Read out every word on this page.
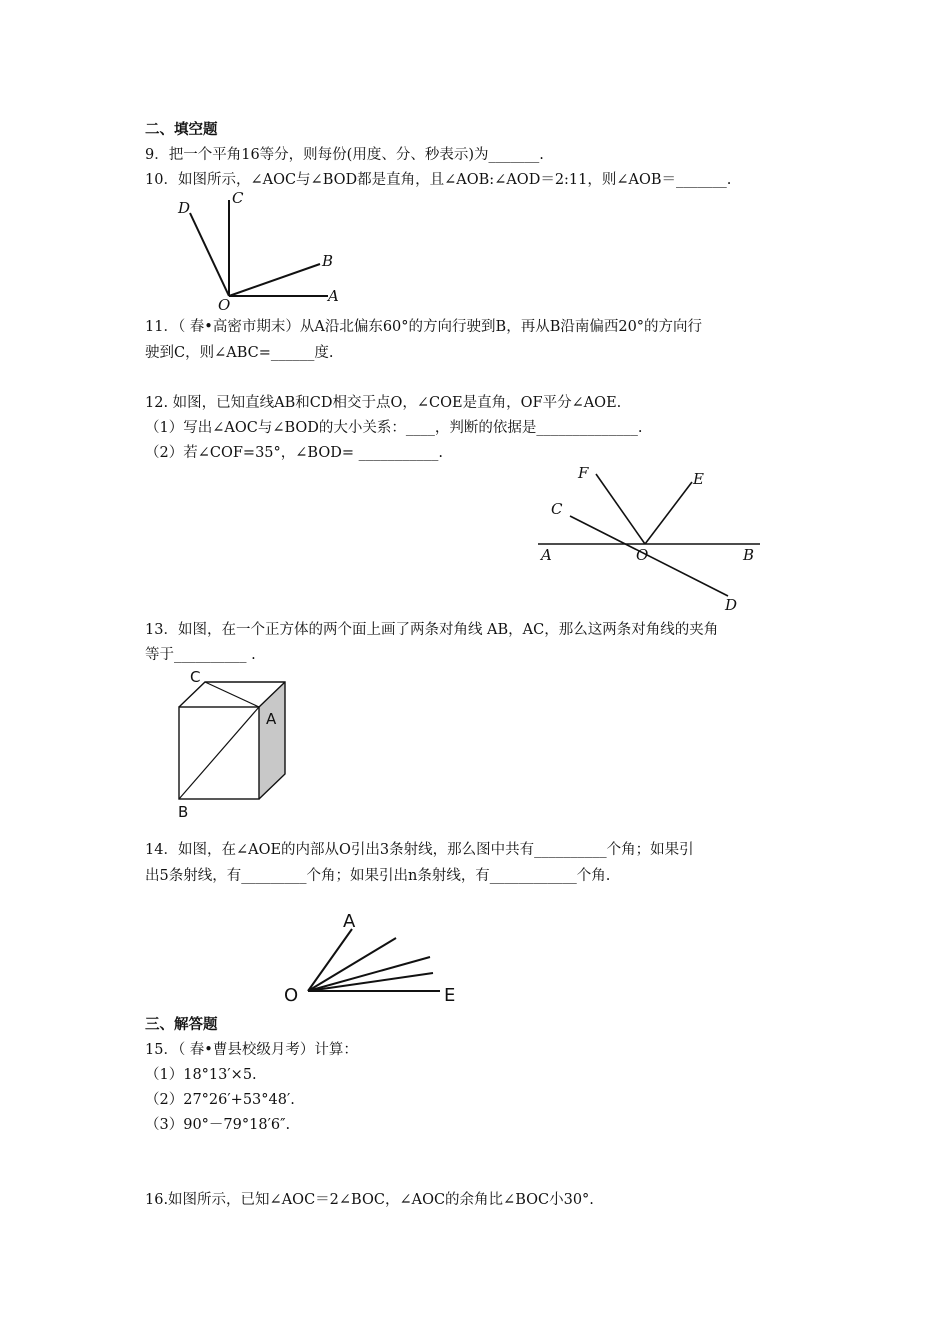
二、填空题
9．把一个平角16等分，则每份(用度、分、秒表示)为_______.
10．如图所示，∠AOC与∠BOD都是直角，且∠AOB:∠AOD＝2:11，则∠AOB＝_______.
D
C
B
O	A
11．（ 春•高密市期末）从A沿北偏东60°的方向行驶到B，再从B沿南偏西20°的方向行
驶到C，则∠ABC=______度.
12. 如图，已知直线AB和CD相交于点O，∠COE是直角，OF平分∠AOE.
（1）写出∠AOC与∠BOD的大小关系：____，判断的依据是______________.
（2）若∠COF=35°，∠BOD= ___________.
F	E
C
A	O	B
D
13．如图，在一个正方体的两个面上画了两条对角线 AB，AC，那么这两条对角线的夹角
等于__________ .
C
A
B
14．如图，在∠AOE的内部从O引出3条射线，那么图中共有__________个角；如果引
出5条射线，有_________个角；如果引出n条射线，有____________个角.
A
O	E
三、解答题
15．（ 春•曹县校级月考）计算：
（1）18°13′×5.
（2）27°26′+53°48′.
（3）90°－79°18′6″.
16.如图所示，已知∠AOC＝2∠BOC，∠AOC的余角比∠BOC小30°.
